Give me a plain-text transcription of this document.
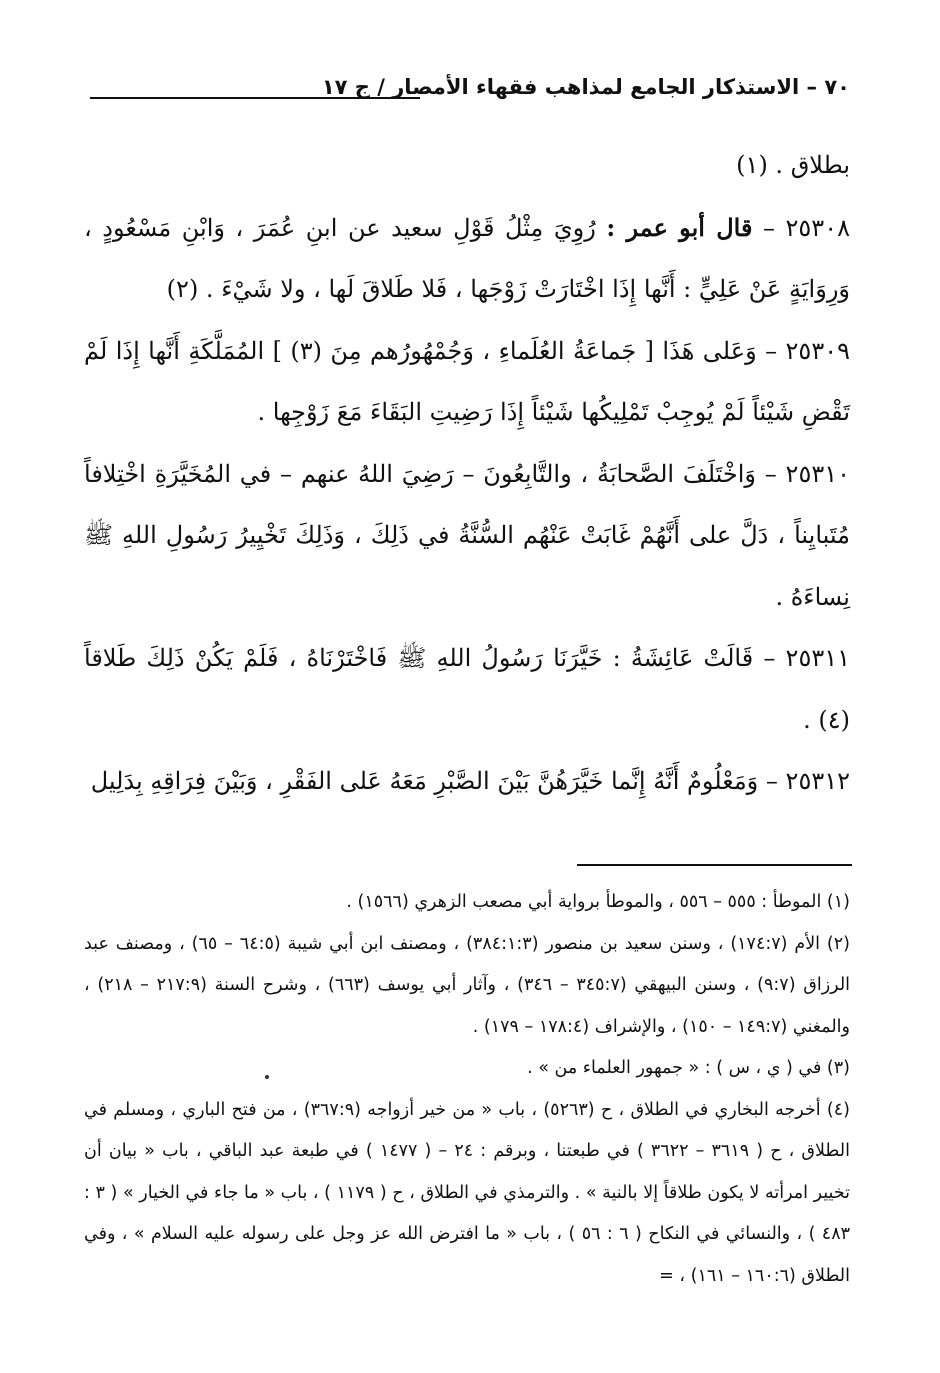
٧٠ – الاستذكار الجامع لمذاهب فقهاء الأمصار / ج ١٧

بطلاق . (١)

٢٥٣٠٨ – قال أبو عمر : رُوِيَ مِثْلُ قَوْلِ سعيد عن ابنِ عُمَرَ ، وَابْنِ مَسْعُودٍ ، وَرِوَايَةٍ عَنْ عَلِيٍّ : أَنَّها إِذَا اخْتَارَتْ زَوْجَها ، فَلا طَلاقَ لَها ، ولا شَيْءَ . (٢)

٢٥٣٠٩ – وَعَلى هَذَا [ جَماعَةُ العُلَماءِ ، وَجُمْهُورُهم مِنَ (٣) ] المُمَلَّكَةِ أَنَّها إِذَا لَمْ تَقْضِ شَيْئاً لَمْ يُوجِبْ تَمْلِيكُها شَيْئاً إِذَا رَضِيتِ البَقَاءَ مَعَ زَوْجِها .

٢٥٣١٠ – وَاخْتَلَفَ الصَّحابَةُ ، والتَّابِعُونَ – رَضِيَ اللهُ عنهم – في المُخَيَّرَةِ اخْتِلافاً مُتَبايِناً ، دَلَّ على أَنَّهُمْ غَابَتْ عَنْهُم السُّنَّةُ في ذَلِكَ ، وَذَلِكَ تَخْيِيرُ رَسُولِ اللهِ ﷺ نِساءَهُ .

٢٥٣١١ – قَالَتْ عَائِشَةُ : خَيَّرَنَا رَسُولُ اللهِ ﷺ فَاخْتَرْنَاهُ ، فَلَمْ يَكُنْ ذَلِكَ طَلاقاً (٤) .

٢٥٣١٢ – وَمَعْلُومٌ أَنَّهُ إِنَّما خَيَّرَهُنَّ بَيْنَ الصَّبْرِ مَعَهُ عَلى الفَقْرِ ، وَبَيْنَ فِرَاقِهِ بِدَلِيل

(١) الموطأ : ٥٥٥ – ٥٥٦ ، والموطأ برواية أبي مصعب الزهري (١٥٦٦) .

(٢) الأم (١٧٤:٧) ، وسنن سعيد بن منصور (٣٨٤:١:٣) ، ومصنف ابن أبي شيبة (٦٤:٥ – ٦٥) ، ومصنف عبد الرزاق (٩:٧) ، وسنن البيهقي (٣٤٥:٧ – ٣٤٦) ، وآثار أبي يوسف (٦٦٣) ، وشرح السنة (٢١٧:٩ – ٢١٨) ، والمغني (١٤٩:٧ – ١٥٠) ، والإشراف (١٧٨:٤ – ١٧٩) .

(٣) في ( ي ، س ) : « جمهور العلماء من » .

(٤) أخرجه البخاري في الطلاق ، ح (٥٢٦٣) ، باب « من خير أزواجه (٣٦٧:٩) ، من فتح الباري ، ومسلم في الطلاق ، ح ( ٣٦١٩ – ٣٦٢٢ ) في طبعتنا ، وبرقم : ٢٤ – ( ١٤٧٧ ) في طبعة عبد الباقي ، باب « بيان أن تخيير امرأته لا يكون طلاقاً إلا بالنية » . والترمذي في الطلاق ، ح ( ١١٧٩ ) ، باب « ما جاء في الخيار » ( ٣ : ٤٨٣ ) ، والنسائي في النكاح ( ٦ : ٥٦ ) ، باب « ما افترض الله عز وجل على رسوله عليه السلام » ، وفي الطلاق (١٦٠:٦ – ١٦١) ، =
